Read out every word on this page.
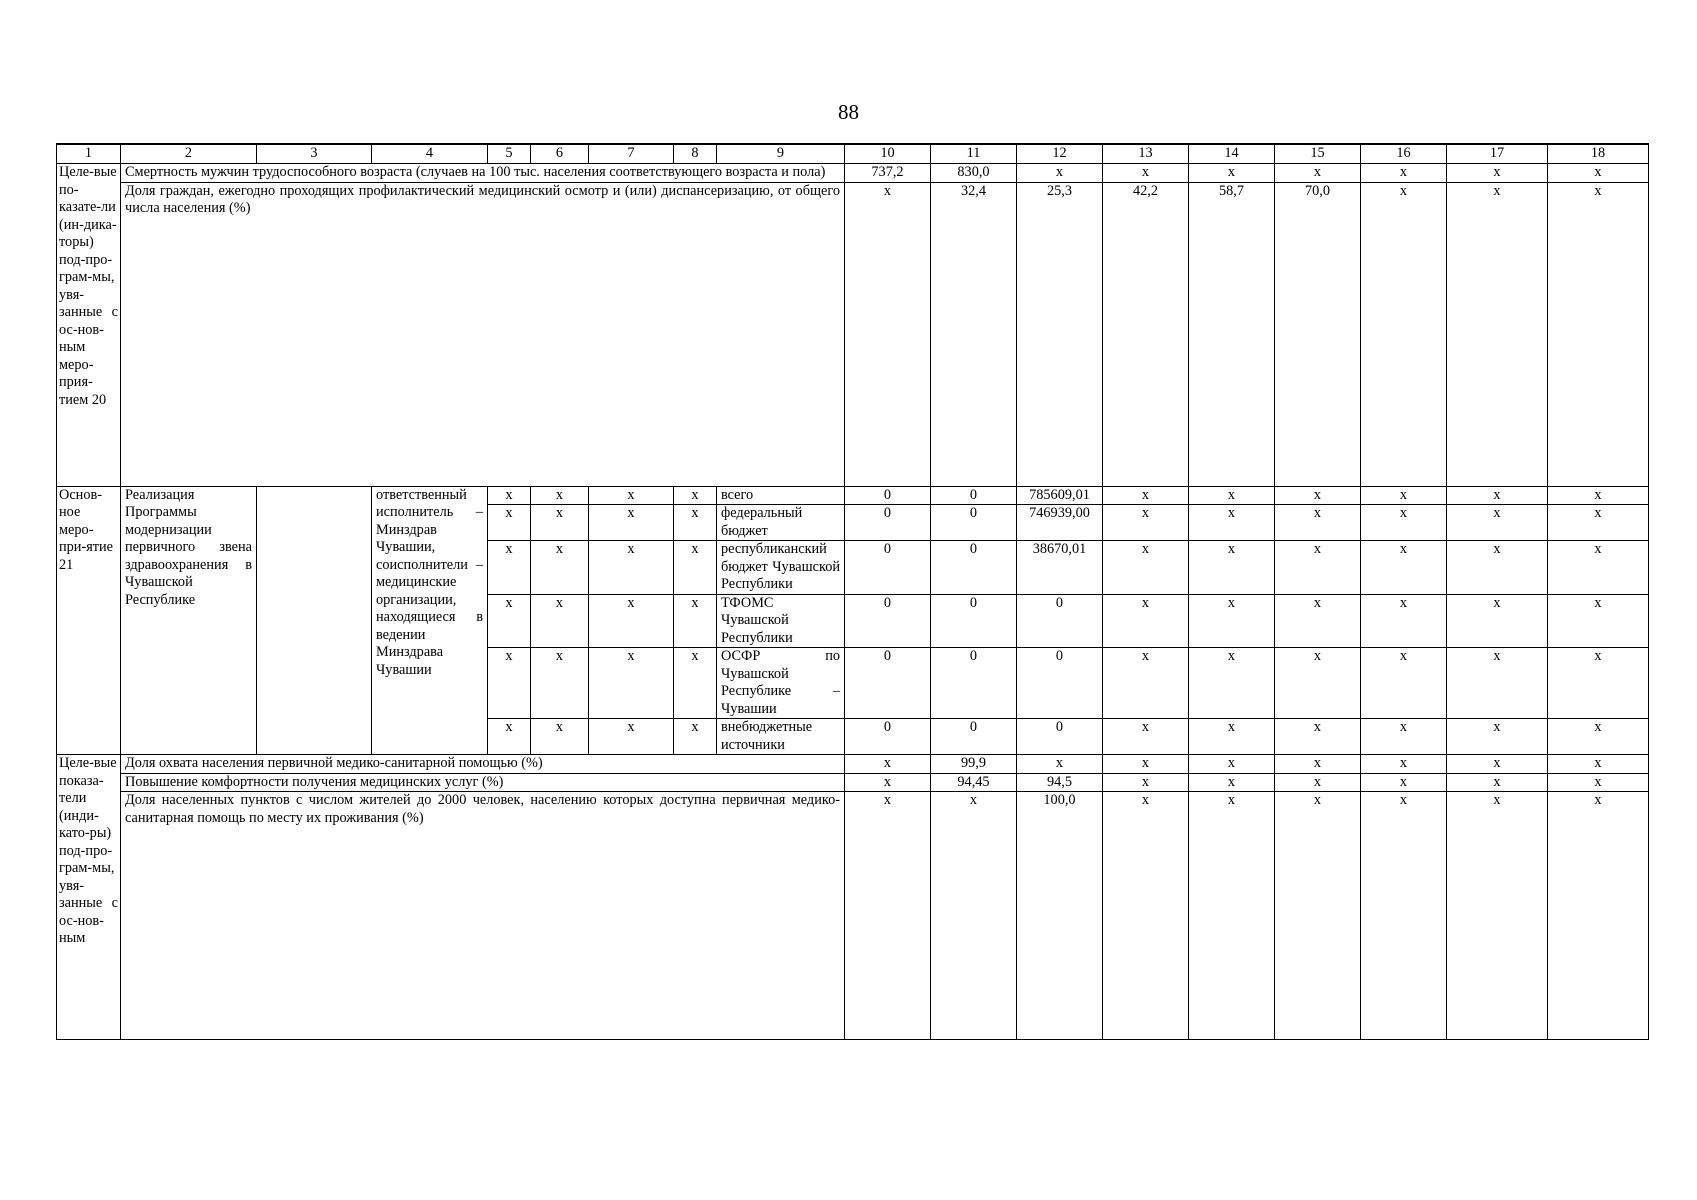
88
1	2	3	4	5	6	7	8	9	10	11	12	13	14	15	16	17	18
Целе-вые по-казате-ли (ин-дика-торы) под-про-грам-мы, увя-занные с ос-нов-ным меро-прия-тием 20	Смертность мужчин трудоспособного возраста (случаев на 100 тыс. населения соответствующего возраста и пола)								737,2	830,0	х	х	х	х	х	х	х
	Доля граждан, ежегодно проходящих профилактический медицинский осмотр и (или) диспансеризацию, от общего числа населения (%)								х	32,4	25,3	42,2	58,7	70,0	х	х	х
Основ-ное меро-при-ятие 21	Реализация Программы модернизации первичного звена здравоохранения в Чувашской Республике		ответственный исполнитель – Минздрав Чувашии, соисполнители – медицинские организации, находящиеся в ведении Минздрава Чувашии	х	х	х	х	всего	0	0	785609,01	х	х	х	х	х	х
				х	х	х	х	федеральный бюджет	0	0	746939,00	х	х	х	х	х	х
				х	х	х	х	республиканский бюджет Чувашской Республики	0	0	38670,01	х	х	х	х	х	х
				х	х	х	х	ТФОМС Чувашской Республики	0	0	0	х	х	х	х	х	х
				х	х	х	х	ОСФР по Чувашской Республике – Чувашии	0	0	0	х	х	х	х	х	х
				х	х	х	х	внебюджетные источники	0	0	0	х	х	х	х	х	х
Целе-вые показа-тели (инди-като-ры) под-про-грам-мы, увя-занные с ос-нов-ным	Доля охвата населения первичной медико-санитарной помощью (%)								х	99,9	х	х	х	х	х	х	х
	Повышение комфортности получения медицинских услуг (%)								х	94,45	94,5	х	х	х	х	х	х
	Доля населенных пунктов с числом жителей до 2000 человек, населению которых доступна первичная медико-санитарная помощь по месту их проживания (%)								х	х	100,0	х	х	х	х	х	х
